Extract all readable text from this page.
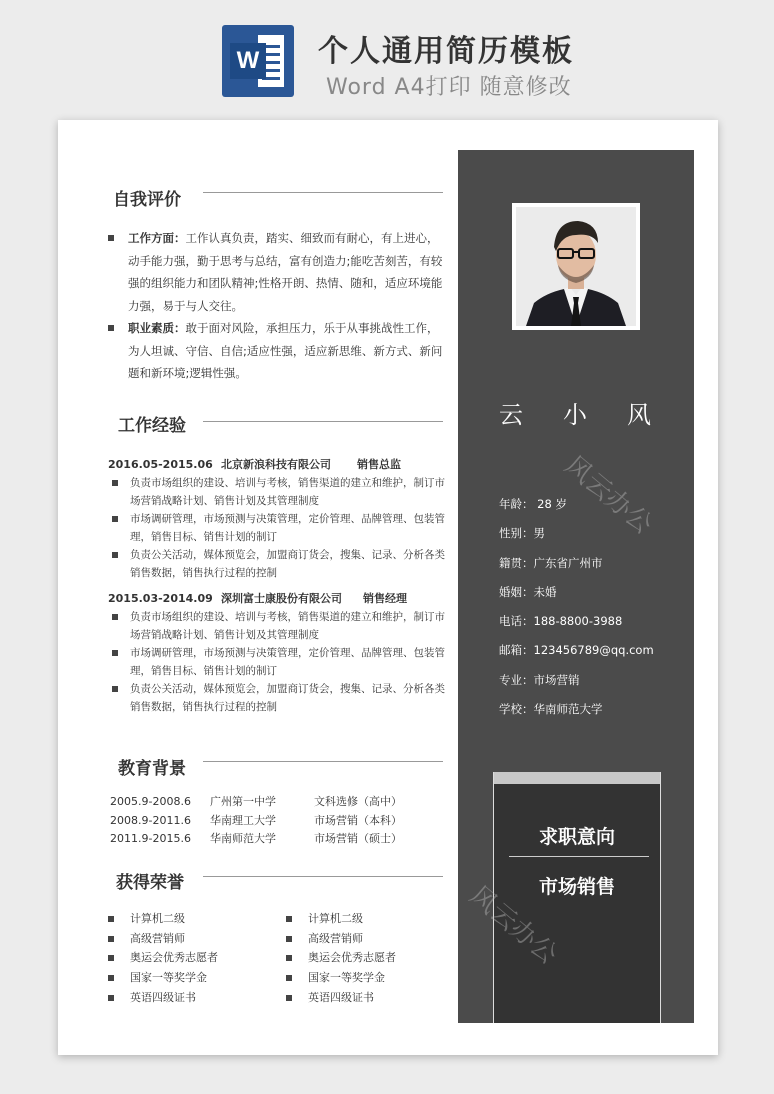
W 个人通用简历模板
Word A4打印 随意修改
自我评价
工作方面：工作认真负责，踏实、细致而有耐心，有上进心，动手能力强，勤于思考与总结，富有创造力;能吃苦刻苦，有较强的组织能力和团队精神;性格开朗、热情、随和，适应环境能力强，易于与人交往。
职业素质：敢于面对风险，承担压力，乐于从事挑战性工作，为人坦诚、守信、自信;适应性强，适应新思维、新方式、新问题和新环境;逻辑性强。
工作经验
2016.05-2015.06 北京新浪科技有限公司 销售总监
负责市场组织的建设、培训与考核，销售渠道的建立和维护，制订市场营销战略计划、销售计划及其管理制度
市场调研管理，市场预测与决策管理，定价管理、品牌管理、包装管理，销售目标、销售计划的制订
负责公关活动，媒体预览会，加盟商订货会，搜集、记录、分析各类销售数据，销售执行过程的控制
2015.03-2014.09 深圳富士康股份有限公司 销售经理
负责市场组织的建设、培训与考核，销售渠道的建立和维护，制订市场营销战略计划、销售计划及其管理制度
市场调研管理，市场预测与决策管理，定价管理、品牌管理、包装管理，销售目标、销售计划的制订
负责公关活动，媒体预览会，加盟商订货会，搜集、记录、分析各类销售数据，销售执行过程的控制
教育背景
2005.9-2008.6 广州第一中学	文科选修（高中）
2008.9-2011.6 华南理工大学	市场营销（本科）
2011.9-2015.6 华南师范大学	市场营销（硕士）
获得荣誉
计算机二级
高级营销师
奥运会优秀志愿者
国家一等奖学金
英语四级证书
计算机二级
高级营销师
奥运会优秀志愿者
国家一等奖学金
英语四级证书
云 小 风
年龄： 28 岁
性别：男
籍贯：广东省广州市
婚姻：未婚
电话：188-8800-3988
邮箱：123456789@qq.com
专业：市场营销
学校：华南师范大学
求职意向
市场销售
风云办公
风云办公
